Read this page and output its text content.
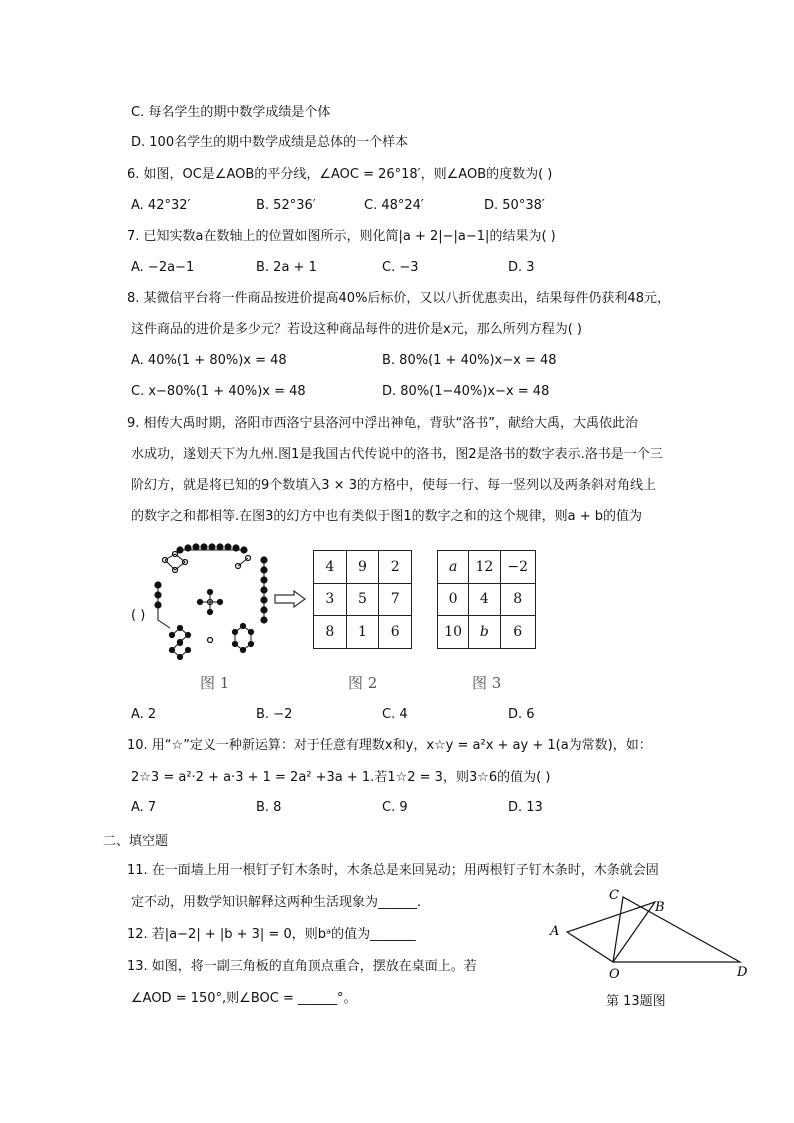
C. 每名学生的期中数学成绩是个体
D. 100名学生的期中数学成绩是总体的一个样本
6. 如图，OC是∠AOB的平分线，∠AOC = 26°18′，则∠AOB的度数为( )
A. 42°32′	B. 52°36′	C. 48°24′	D. 50°38′
7. 已知实数a在数轴上的位置如图所示，则化简|a + 2|−|a−1|的结果为( )
A. −2a−1	B. 2a + 1	C. −3	D. 3
8. 某微信平台将一件商品按进价提高40%后标价，又以八折优惠卖出，结果每件仍获利48元，
这件商品的进价是多少元？若设这种商品每件的进价是x元，那么所列方程为( )
A. 40%(1 + 80%)x = 48	B. 80%(1 + 40%)x−x = 48
C. x−80%(1 + 40%)x = 48	D. 80%(1−40%)x−x = 48
9. 相传大禹时期，洛阳市西洛宁县洛河中浮出神龟，背驮“洛书”，献给大禹，大禹依此治
水成功，遂划天下为九州.图1是我国古代传说中的洛书，图2是洛书的数字表示.洛书是一个三
阶幻方，就是将已知的9个数填入3 × 3的方格中，使每一行、每一竖列以及两条斜对角线上
的数字之和都相等.在图3的幻方中也有类似于图1的数字之和的这个规律，则a + b的值为
( )
4	9	2
3	5	7
8	1	6
a	12	−2
0	4	8
10	b	6
图 1	图 2	图 3
A. 2	B. −2	C. 4	D. 6
10. 用“☆”定义一种新运算：对于任意有理数x和y，x☆y = a²x + ay + 1(a为常数)，如：
2☆3 = a²·2 + a·3 + 1 = 2a² +3a + 1.若1☆2 = 3，则3☆6的值为( )
A. 7	B. 8	C. 9	D. 13
二、填空题
11. 在一面墙上用一根钉子钉木条时，木条总是来回晃动；用两根钉子钉木条时，木条就会固
定不动，用数学知识解释这两种生活现象为______.
12. 若|a−2| + |b + 3| = 0，则bᵃ的值为_______
13. 如图，将一副三角板的直角顶点重合，摆放在桌面上。若
∠AOD = 150°,则∠BOC = ______°。
A
C
B
O	D
第 13题图
